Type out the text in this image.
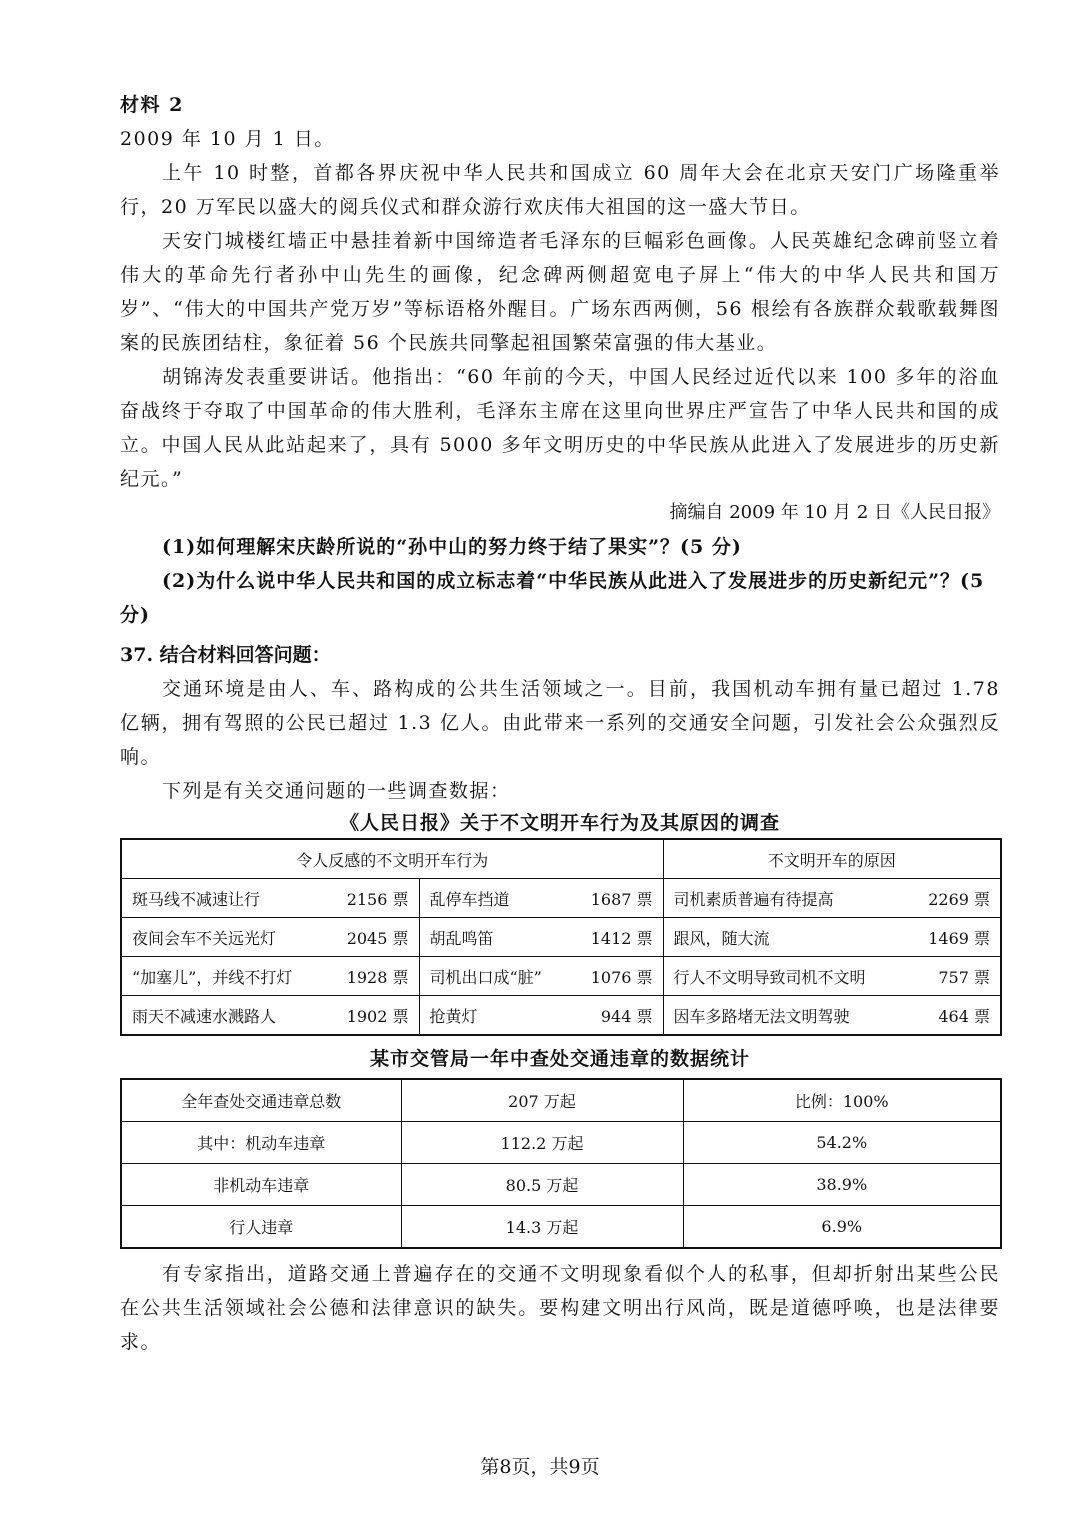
材料 2

2009 年 10 月 1 日。

上午 10 时整，首都各界庆祝中华人民共和国成立 60 周年大会在北京天安门广场隆重举行，20 万军民以盛大的阅兵仪式和群众游行欢庆伟大祖国的这一盛大节日。

天安门城楼红墙正中悬挂着新中国缔造者毛泽东的巨幅彩色画像。人民英雄纪念碑前竖立着伟大的革命先行者孙中山先生的画像，纪念碑两侧超宽电子屏上“伟大的中华人民共和国万岁”、“伟大的中国共产党万岁”等标语格外醒目。广场东西两侧，56 根绘有各族群众载歌载舞图案的民族团结柱，象征着 56 个民族共同擎起祖国繁荣富强的伟大基业。

胡锦涛发表重要讲话。他指出：“60 年前的今天，中国人民经过近代以来 100 多年的浴血奋战终于夺取了中国革命的伟大胜利，毛泽东主席在这里向世界庄严宣告了中华人民共和国的成立。中国人民从此站起来了，具有 5000 多年文明历史的中华民族从此进入了发展进步的历史新纪元。”

摘编自 2009 年 10 月 2 日《人民日报》

(1)如何理解宋庆龄所说的“孙中山的努力终于结了果实”？(5 分)

(2)为什么说中华人民共和国的成立标志着“中华民族从此进入了发展进步的历史新纪元”？(5 分)

37. 结合材料回答问题：

交通环境是由人、车、路构成的公共生活领域之一。目前，我国机动车拥有量已超过 1.78 亿辆，拥有驾照的公民已超过 1.3 亿人。由此带来一系列的交通安全问题，引发社会公众强烈反响。

下列是有关交通问题的一些调查数据：

《人民日报》关于不文明开车行为及其原因的调查

令人反感的不文明开车行为		不文明开车的原因

斑马线不减速让行 2156 票	乱停车挡道 1687 票	司机素质普遍有待提高 2269 票

夜间会车不关远光灯 2045 票	胡乱鸣笛 1412 票	跟风，随大流 1469 票

“加塞儿”，并线不打灯 1928 票	司机出口成“脏” 1076 票	行人不文明导致司机不文明 757 票

雨天不减速水溅路人 1902 票	抢黄灯 944 票	因车多路堵无法文明驾驶 464 票

某市交管局一年中查处交通违章的数据统计

全年查处交通违章总数	207 万起	比例：100%
其中：机动车违章	112.2 万起	54.2%
非机动车违章	80.5 万起	38.9%
行人违章	14.3 万起	6.9%

有专家指出，道路交通上普遍存在的交通不文明现象看似个人的私事，但却折射出某些公民在公共生活领域社会公德和法律意识的缺失。要构建文明出行风尚，既是道德呼唤，也是法律要求。

第8页，共9页
